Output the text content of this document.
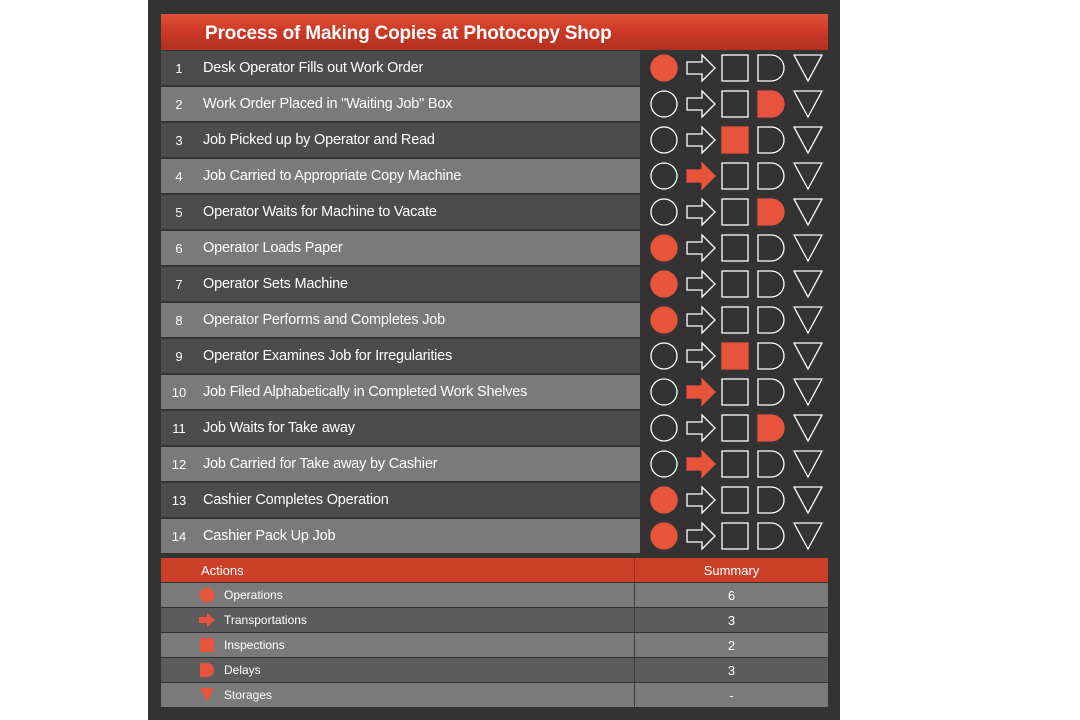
Process of Making Copies at Photocopy Shop
1	Desk Operator Fills out Work Order
2	Work Order Placed in "Waiting Job" Box
3	Job Picked up by Operator and Read
4	Job Carried to Appropriate Copy Machine
5	Operator Waits for Machine to Vacate
6	Operator Loads Paper
7	Operator Sets Machine
8	Operator Performs and Completes Job
9	Operator Examines Job for Irregularities
10	Job Filed Alphabetically in Completed Work Shelves
11	Job Waits for Take away
12	Job Carried for Take away by Cashier
13	Cashier Completes Operation
14	Cashier Pack Up Job
Actions	Summary
Operations	6
Transportations	3
Inspections	2
Delays	3
Storages	-
